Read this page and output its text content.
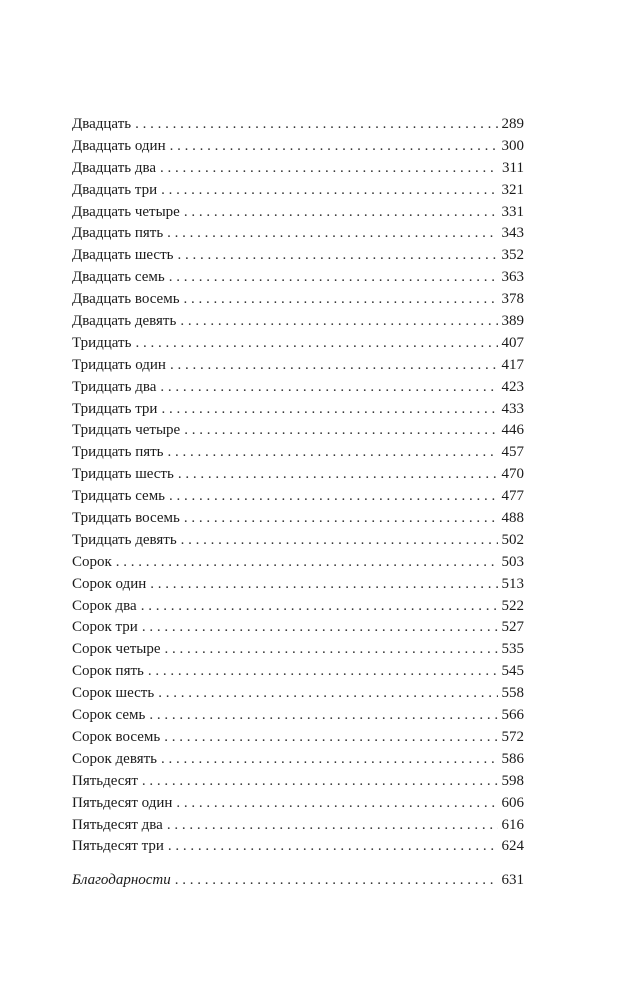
Двадцать . . .	289
Двадцать один . . .	300
Двадцать два . . .	311
Двадцать три . . .	321
Двадцать четыре . . .	331
Двадцать пять . . .	343
Двадцать шесть . . .	352
Двадцать семь . . .	363
Двадцать восемь . . .	378
Двадцать девять . . .	389
Тридцать . . .	407
Тридцать один . . .	417
Тридцать два . . .	423
Тридцать три . . .	433
Тридцать четыре . . .	446
Тридцать пять . . .	457
Тридцать шесть . . .	470
Тридцать семь . . .	477
Тридцать восемь . . .	488
Тридцать девять . . .	502
Сорок . . .	503
Сорок один . . .	513
Сорок два . . .	522
Сорок три . . .	527
Сорок четыре . . .	535
Сорок пять . . .	545
Сорок шесть . . .	558
Сорок семь . . .	566
Сорок восемь . . .	572
Сорок девять . . .	586
Пятьдесят . . .	598
Пятьдесят один . . .	606
Пятьдесят два . . .	616
Пятьдесят три . . .	624
Благодарности . . .	631
